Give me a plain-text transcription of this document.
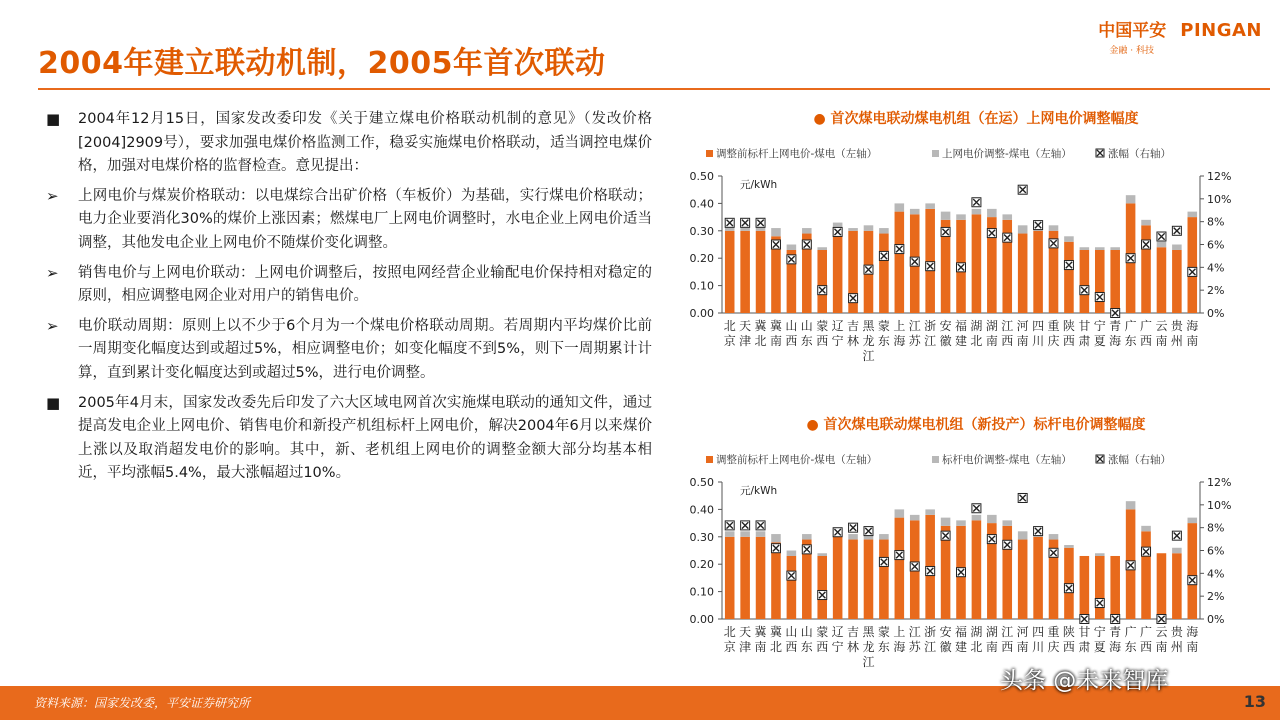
2004年建立联动机制，2005年首次联动
中国平安 PINGAN
金融 · 科技
■	2004年12月15日，国家发改委印发《关于建立煤电价格联动机制的意见》（发改价格[2004]2909号），要求加强电煤价格监测工作，稳妥实施煤电价格联动，适当调控电煤价格，加强对电煤价格的监督检查。意见提出：
➢	上网电价与煤炭价格联动：以电煤综合出矿价格（车板价）为基础，实行煤电价格联动；电力企业要消化30%的煤价上涨因素；燃煤电厂上网电价调整时，水电企业上网电价适当调整，其他发电企业上网电价不随煤价变化调整。
➢	销售电价与上网电价联动：上网电价调整后，按照电网经营企业输配电价保持相对稳定的原则，相应调整电网企业对用户的销售电价。
➢	电价联动周期：原则上以不少于6个月为一个煤电价格联动周期。若周期内平均煤价比前一周期变化幅度达到或超过5%，相应调整电价；如变化幅度不到5%，则下一周期累计计算，直到累计变化幅度达到或超过5%，进行电价调整。
■	2005年4月末，国家发改委先后印发了六大区域电网首次实施煤电联动的通知文件，通过提高发电企业上网电价、销售电价和新投产机组标杆上网电价，解决2004年6月以来煤价上涨以及取消超发电价的影响。其中，新、老机组上网电价的调整金额大部分均基本相近，平均涨幅5.4%，最大涨幅超过10%。
● 首次煤电联动煤电机组（在运）上网电价调整幅度
调整前标杆上网电价-煤电（左轴）	上网电价调整-煤电（左轴）	涨幅（右轴）
0.00
0.10
0.20
0.30
0.40
0.50
0%
2%
4%
6%
8%
10%
12%
元/kWh
北京
天津
冀北
冀南
山西
山东
蒙西
辽宁
吉林
黑龙江
蒙东
上海
江苏
浙江
安徽
福建
湖北
湖南
江西
河南
四川
重庆
陕西
甘肃
宁夏
青海
广东
广西
云南
贵州
海南
● 首次煤电联动煤电机组（新投产）标杆电价调整幅度
调整前标杆上网电价-煤电（左轴）	标杆电价调整-煤电（左轴）	涨幅（右轴）
0.00
0.10
0.20
0.30
0.40
0.50
0%
2%
4%
6%
8%
10%
12%
元/kWh
北京
天津
冀南
冀北
山西
山东
蒙西
辽宁
吉林
黑龙江
蒙东
上海
江苏
浙江
安徽
福建
湖北
湖南
江西
河南
四川
重庆
陕西
甘肃
宁夏
青海
广东
广西
云南
贵州
海南
资料来源：国家发改委，平安证券研究所	13
头条 @未来智库
